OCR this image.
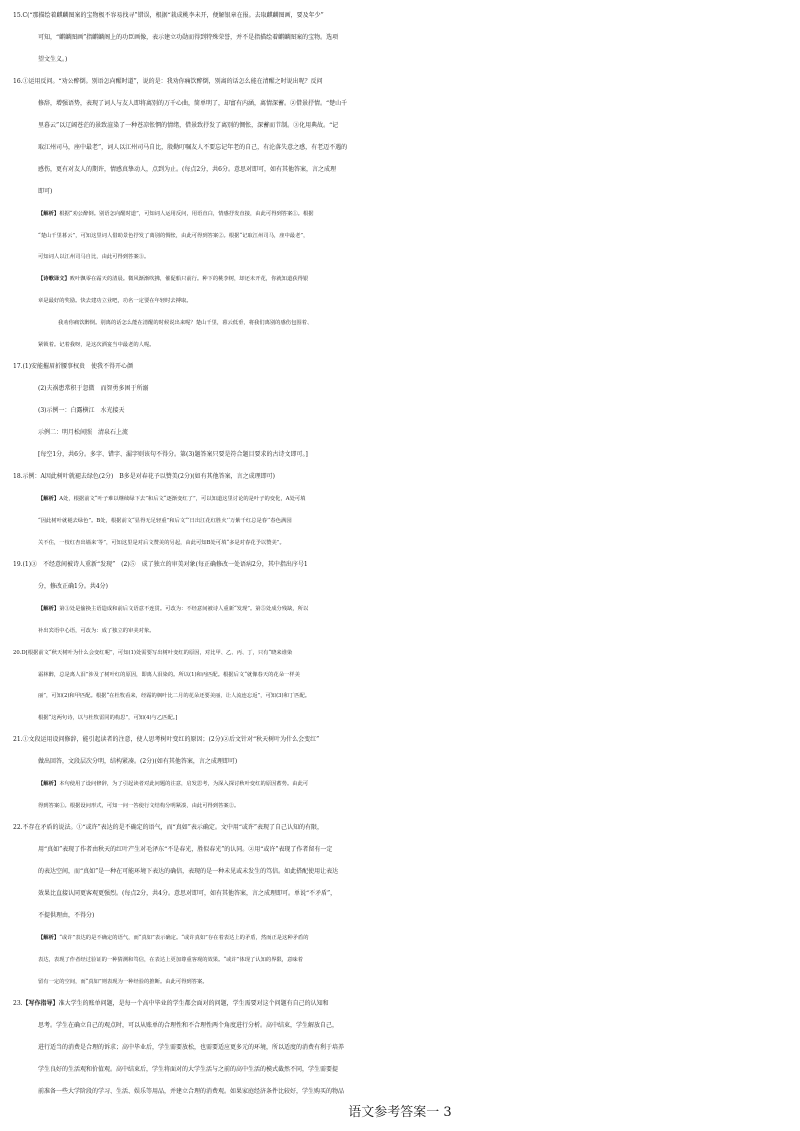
15.C(“那描绘着麒麟图案的宝物极不容易找寻”错误，根据“栽成桃李未开，便解银章在报。去取麒麟图画，要及年少”
可知，“麒麟图画”指麒麟阁上的功臣画像，表示建立功勋而得到特殊荣誉，并不是指描绘着麒麟图案的宝物。选项
望文生义。)
16.①运用反问。“劝公醉倒。别语怎向醒时道”，说的是：我劝你痛饮醉倒，别离的话怎么能在清醒之时说出呢？反问
修辞，增强语势，表现了词人与友人即将离别的万千心曲，简单明了，却富有内涵，离情深蓄。②借景抒情。“楚山千
里暮云”以辽阔苍茫的景致渲染了一种苍凉怅惘的情绪，借景致抒发了离别的惆怅，深蓄而节制。③化用典故。“记
取江州司马，座中最老”，词人以江州司马自比，殷勤叮嘱友人不要忘记年老的自己，有沦落失意之感，有老迈不遇的
感伤，更有对友人的期许，情感真挚动人，点到为止。(每点2分，共6分。意思对即可，如有其他答案，言之成理
即可)
【解析】根据“劝公醉倒。别语怎向醒时道”，可知词人运用反问，用语直白，情感抒发直接，由此可得到答案①。根据
“楚山千里暮云”，可知这里词人借助景色抒发了离别的惆怅，由此可得到答案②。根据“记取江州司马，座中最老”，
可知词人以江州司马自比，由此可得到答案③。
【诗歌译文】败叶飘零在霜天的清晨。微风渐渐吹拂，催促船只前行。种下的桃李树，却还未开花，你就知道获得银
章是最好的奖励。快去建功立业吧，功名一定要在年轻时去搏取。
我劝你痛饮醉倒。别离的话怎么能在清醒的时候说出来呢？楚山千里，暮云低垂，将我们离别的感伤包围着、
紧锁着。记着我呀，是这次酒宴当中最老的人呢。
17.(1)安能摧眉折腰事权贵　使我不得开心颜
(2)夫祸患常积于忽微　而智勇多困于所溺
(3)示例一：白露横江　水光接天
示例二：明月松间照　清泉石上流
[每空1分，共6分。多字、错字、漏字则该句不得分。第(3)题答案只要是符合题目要求的古诗文即可。]
18.示例：A因此树叶就褪去绿色(2分)　B多是对春花予以赞美(2分)(如有其他答案，言之成理即可)
【解析】A处，根据前文“叶子难以继续绿下去”和后文“逐渐变红了”，可以知道这里讨论的是叶子的变化，A处可填
“因此树叶就褪去绿色”。B处，根据前文“显得无足轻重”和后文“‘日出江花红胜火’‘万紫千红总是春’‘春色满园
关不住，一枝红杏出墙来’等”，可知这里是对后文赞美的另起，由此可知B处可填“多是对春花予以赞美”。
19.(1)③　不经意间被诗人重新“发现”　(2)⑤　成了独立的审美对象(每正确修改一处语病2分，其中指出序号1
分，修改正确1分。共4分)
【解析】第③处是偷换主语造成和前后文语意不连贯。可改为：不经意间被诗人重新“发现”。第⑤处成分残缺，所以
补出宾语中心语，可改为：成了独立的审美对象。
20.D[根据前文“秋天树叶为什么会变红呢”，可知(1)处需要写出树叶变红的原因，对比甲、乙、丙、丁，只有“晓来谁染
霜林醉，总是离人泪”涉及了树叶红的原因，即离人泪染的。所以(1)和丙匹配。根据后文“就像春天的花朵一样美
丽”，可知(2)和甲匹配。根据“在杜牧看来，经霜的枫叶比二月的花朵还要美丽，让人流连忘返”，可知(3)和丁匹配。
根据“这两句诗，以与杜牧雷同的构思”，可知(4)与乙匹配。]
21.①文段运用设问修辞，能引起读者的注意，使人思考树叶变红的原因；(2分)②后文针对“秋天树叶为什么会变红”
做出回答，文段层次分明，结构紧凑。(2分)(如有其他答案，言之成理即可)
【解析】本句使用了设问修辞，为了引起读者对此问题的注意，启发思考，为深入探讨秋叶变红的原因蓄势。由此可
得到答案①。根据设问形式，可知一问一答使行文结构分明紧凑，由此可得到答案②。
22.不存在矛盾的说法。①“或许”表达的是不确定的语气，而“真如”表示确定。文中用“或许”表现了自己认知的有限，
用“真如”表现了作者由秋天的红叶产生对毛泽东“不是春光，胜似春光”的认同。②用“或许”表现了作者留有一定
的表达空间，而“真如”是一种在可能环境下表达的确信，表现的是一种未见或未发生的笃信。如此搭配使用让表达
效果比直接认同更客观更强烈。(每点2分，共4分。意思对即可，如有其他答案，言之成理即可。单说“不矛盾”，
不提供理由，不得分)
【解析】“或许”表达的是不确定的语气，而“真如”表示确定。“或许真如”存在着表达上的矛盾，然而正是这种矛盾的
表达，表现了作者经过验证的一种猜测和笃信，在表达上更加尊重客观的效果。“或许”体现了认知的界限，意味着
留有一定的空间，而“真如”则表现为一种经验的推断。由此可得到答案。
23.【写作指导】准大学生的账单问题，是每一个高中毕业的学生都会面对的问题，学生需要对这个问题有自己的认知和
思考。学生在确立自己的观点时，可以从账单的合理性和不合理性两个角度进行分析。高中结束，学生解放自己，
进行适当的消费是合理的诉求；高中毕业后，学生需要放松，也需要适应更多元的环境，所以适度的消费有利于培养
学生良好的生活观和价值观。高中结束后，学生将面对的大学生活与之前的高中生活的模式截然不同，学生需要提
前准备一些大学阶段的学习、生活、娱乐等用品，并建立合理的消费观。如果家庭经济条件比较好，学生购买的物品
语文参考答案一 3
